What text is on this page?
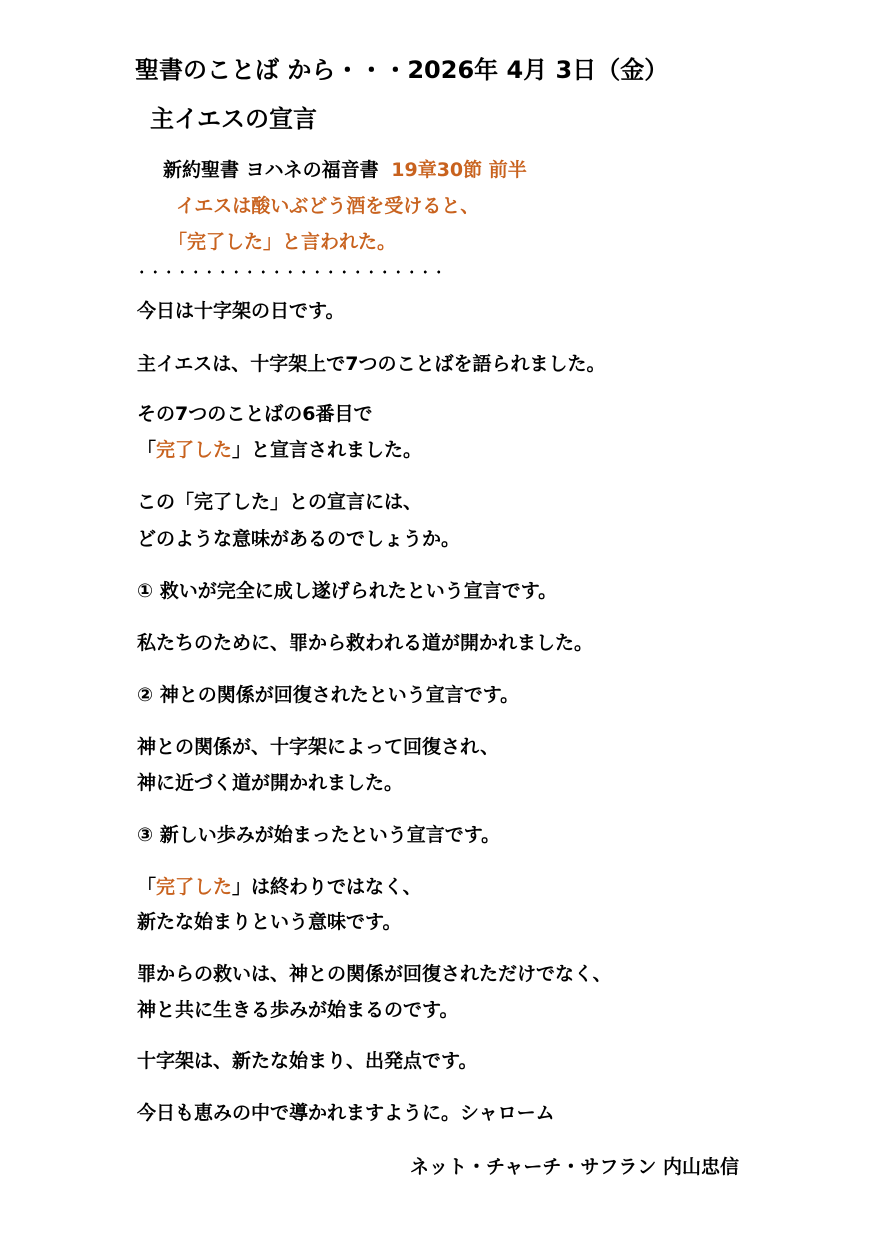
聖書のことば から・・・2026年 4月 3日（金）
主イエスの宣言
新約聖書 ヨハネの福音書 19章30節 前半
イエスは酸いぶどう酒を受けると、
「完了した」と言われた。
今日は十字架の日です。
主イエスは、十字架上で7つのことばを語られました。
その7つのことばの6番目で
「完了した」と宣言されました。
この「完了した」との宣言には、
どのような意味があるのでしょうか。
① 救いが完全に成し遂げられたという宣言です。
私たちのために、罪から救われる道が開かれました。
② 神との関係が回復されたという宣言です。
神との関係が、十字架によって回復され、
神に近づく道が開かれました。
③ 新しい歩みが始まったという宣言です。
「完了した」は終わりではなく、
新たな始まりという意味です。
罪からの救いは、神との関係が回復されただけでなく、
神と共に生きる歩みが始まるのです。
十字架は、新たな始まり、出発点です。
今日も恵みの中で導かれますように。シャローム
ネット・チャーチ・サフラン 内山忠信
